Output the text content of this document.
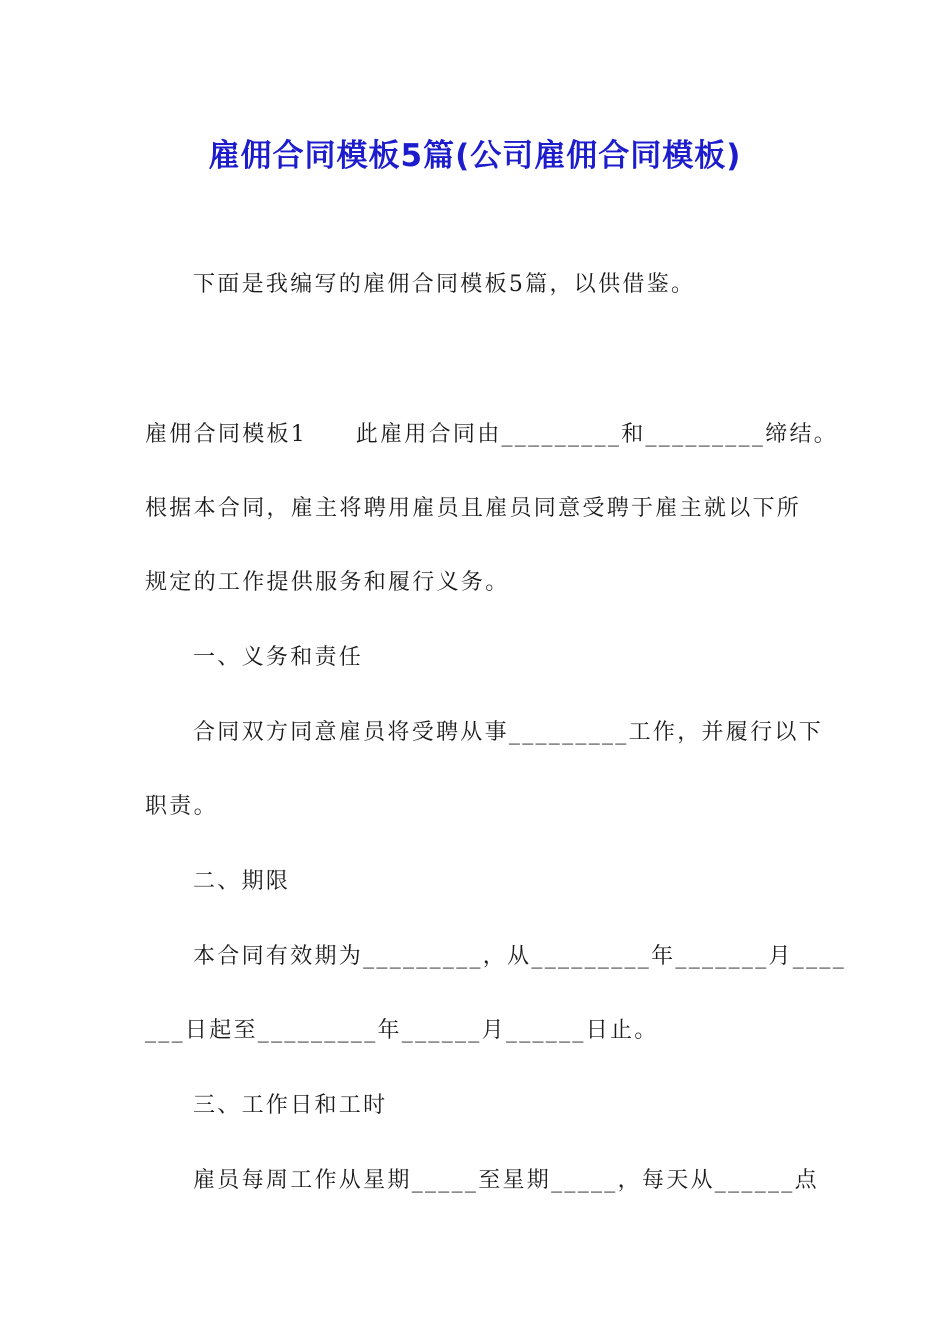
雇佣合同模板5篇(公司雇佣合同模板)
下面是我编写的雇佣合同模板5篇，以供借鉴。
雇佣合同模板1　　此雇用合同由_________和_________缔结。
根据本合同，雇主将聘用雇员且雇员同意受聘于雇主就以下所
规定的工作提供服务和履行义务。
一、义务和责任
合同双方同意雇员将受聘从事_________工作，并履行以下
职责。
二、期限
本合同有效期为_________，从_________年_______月____
___日起至_________年______月______日止。
三、工作日和工时
雇员每周工作从星期_____至星期_____，每天从______点
